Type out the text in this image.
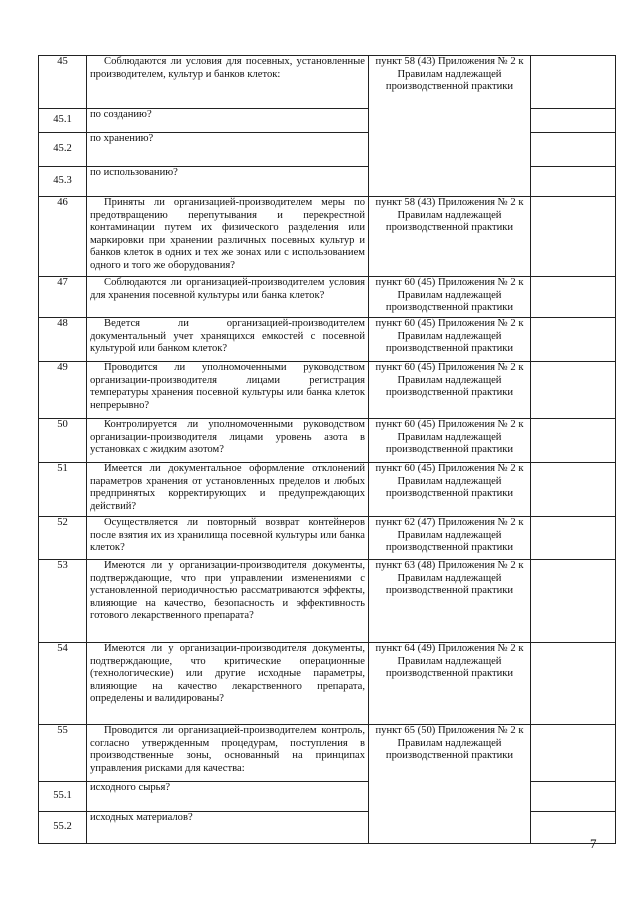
45	Соблюдаются ли условия для посевных, установленные производителем, культур и банков клеток:	пункт 58 (43) Приложения № 2 к Правилам надлежащей производственной практики	
45.1	по созданию?		
45.2	по хранению?		
45.3	по использованию?		
46	Приняты ли организацией-производителем меры по предотвращению перепутывания и перекрестной контаминации путем их физического разделения или маркировки при хранении различных посевных культур и банков клеток в одних и тех же зонах или с использованием одного и того же оборудования?	пункт 58 (43) Приложения № 2 к Правилам надлежащей производственной практики	
47	Соблюдаются ли организацией-производителем условия для хранения посевной культуры или банка клеток?	пункт 60 (45) Приложения № 2 к Правилам надлежащей производственной практики	
48	Ведется ли организацией-производителем документальный учет хранящихся емкостей с посевной культурой или банком клеток?	пункт 60 (45) Приложения № 2 к Правилам надлежащей производственной практики	
49	Проводится ли уполномоченными руководством организации-производителя лицами регистрация температуры хранения посевной культуры или банка клеток непрерывно?	пункт 60 (45) Приложения № 2 к Правилам надлежащей производственной практики	
50	Контролируется ли уполномоченными руководством организации-производителя лицами уровень азота в установках с жидким азотом?	пункт 60 (45) Приложения № 2 к Правилам надлежащей производственной практики	
51	Имеется ли документальное оформление отклонений параметров хранения от установленных пределов и любых предпринятых корректирующих и предупреждающих действий?	пункт 60 (45) Приложения № 2 к Правилам надлежащей производственной практики	
52	Осуществляется ли повторный возврат контейнеров после взятия их из хранилища посевной культуры или банка клеток?	пункт 62 (47) Приложения № 2 к Правилам надлежащей производственной практики	
53	Имеются ли у организации-производителя документы, подтверждающие, что при управлении изменениями с установленной периодичностью рассматриваются эффекты, влияющие на качество, безопасность и эффективность готового лекарственного препарата?	пункт 63 (48) Приложения № 2 к Правилам надлежащей производственной практики	
54	Имеются ли у организации-производителя документы, подтверждающие, что критические операционные (технологические) или другие исходные параметры, влияющие на качество лекарственного препарата, определены и валидированы?	пункт 64 (49) Приложения № 2 к Правилам надлежащей производственной практики	
55	Проводится ли организацией-производителем контроль, согласно утвержденным процедурам, поступления в производственные зоны, основанный на принципах управления рисками для качества:	пункт 65 (50) Приложения № 2 к Правилам надлежащей производственной практики	
55.1	исходного сырья?		
55.2	исходных материалов?		
7
